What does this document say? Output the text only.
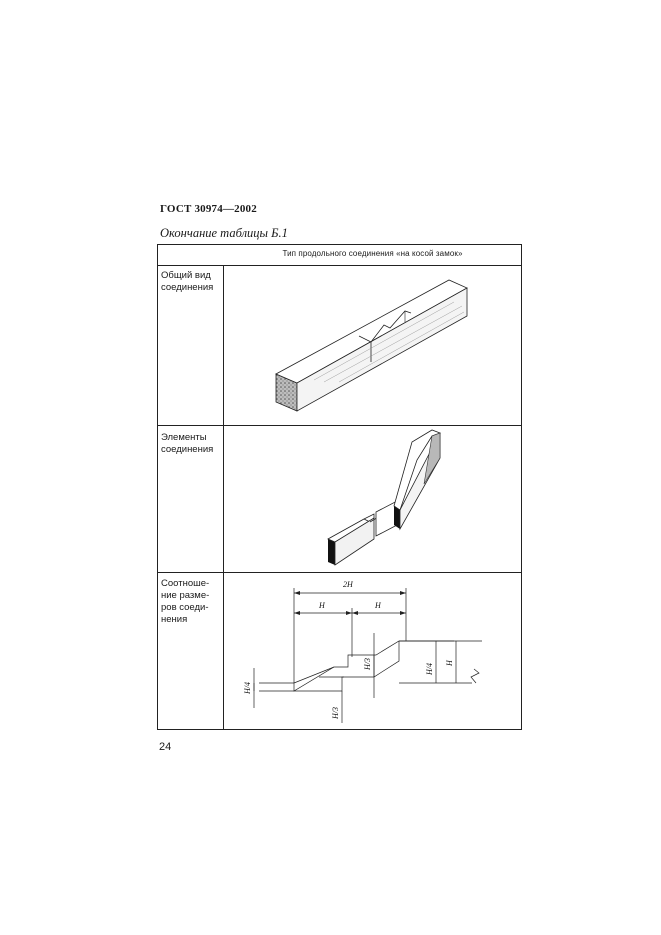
ГОСТ 30974—2002
Окончание таблицы Б.1
Тип продольного соединения «на косой замок»
Общий вид
соединения
Элементы
соединения
Соотноше-
ние разме-
ров соеди-
нения
2H
H	H
H/3
H/3
H/4
H/4 H
24
